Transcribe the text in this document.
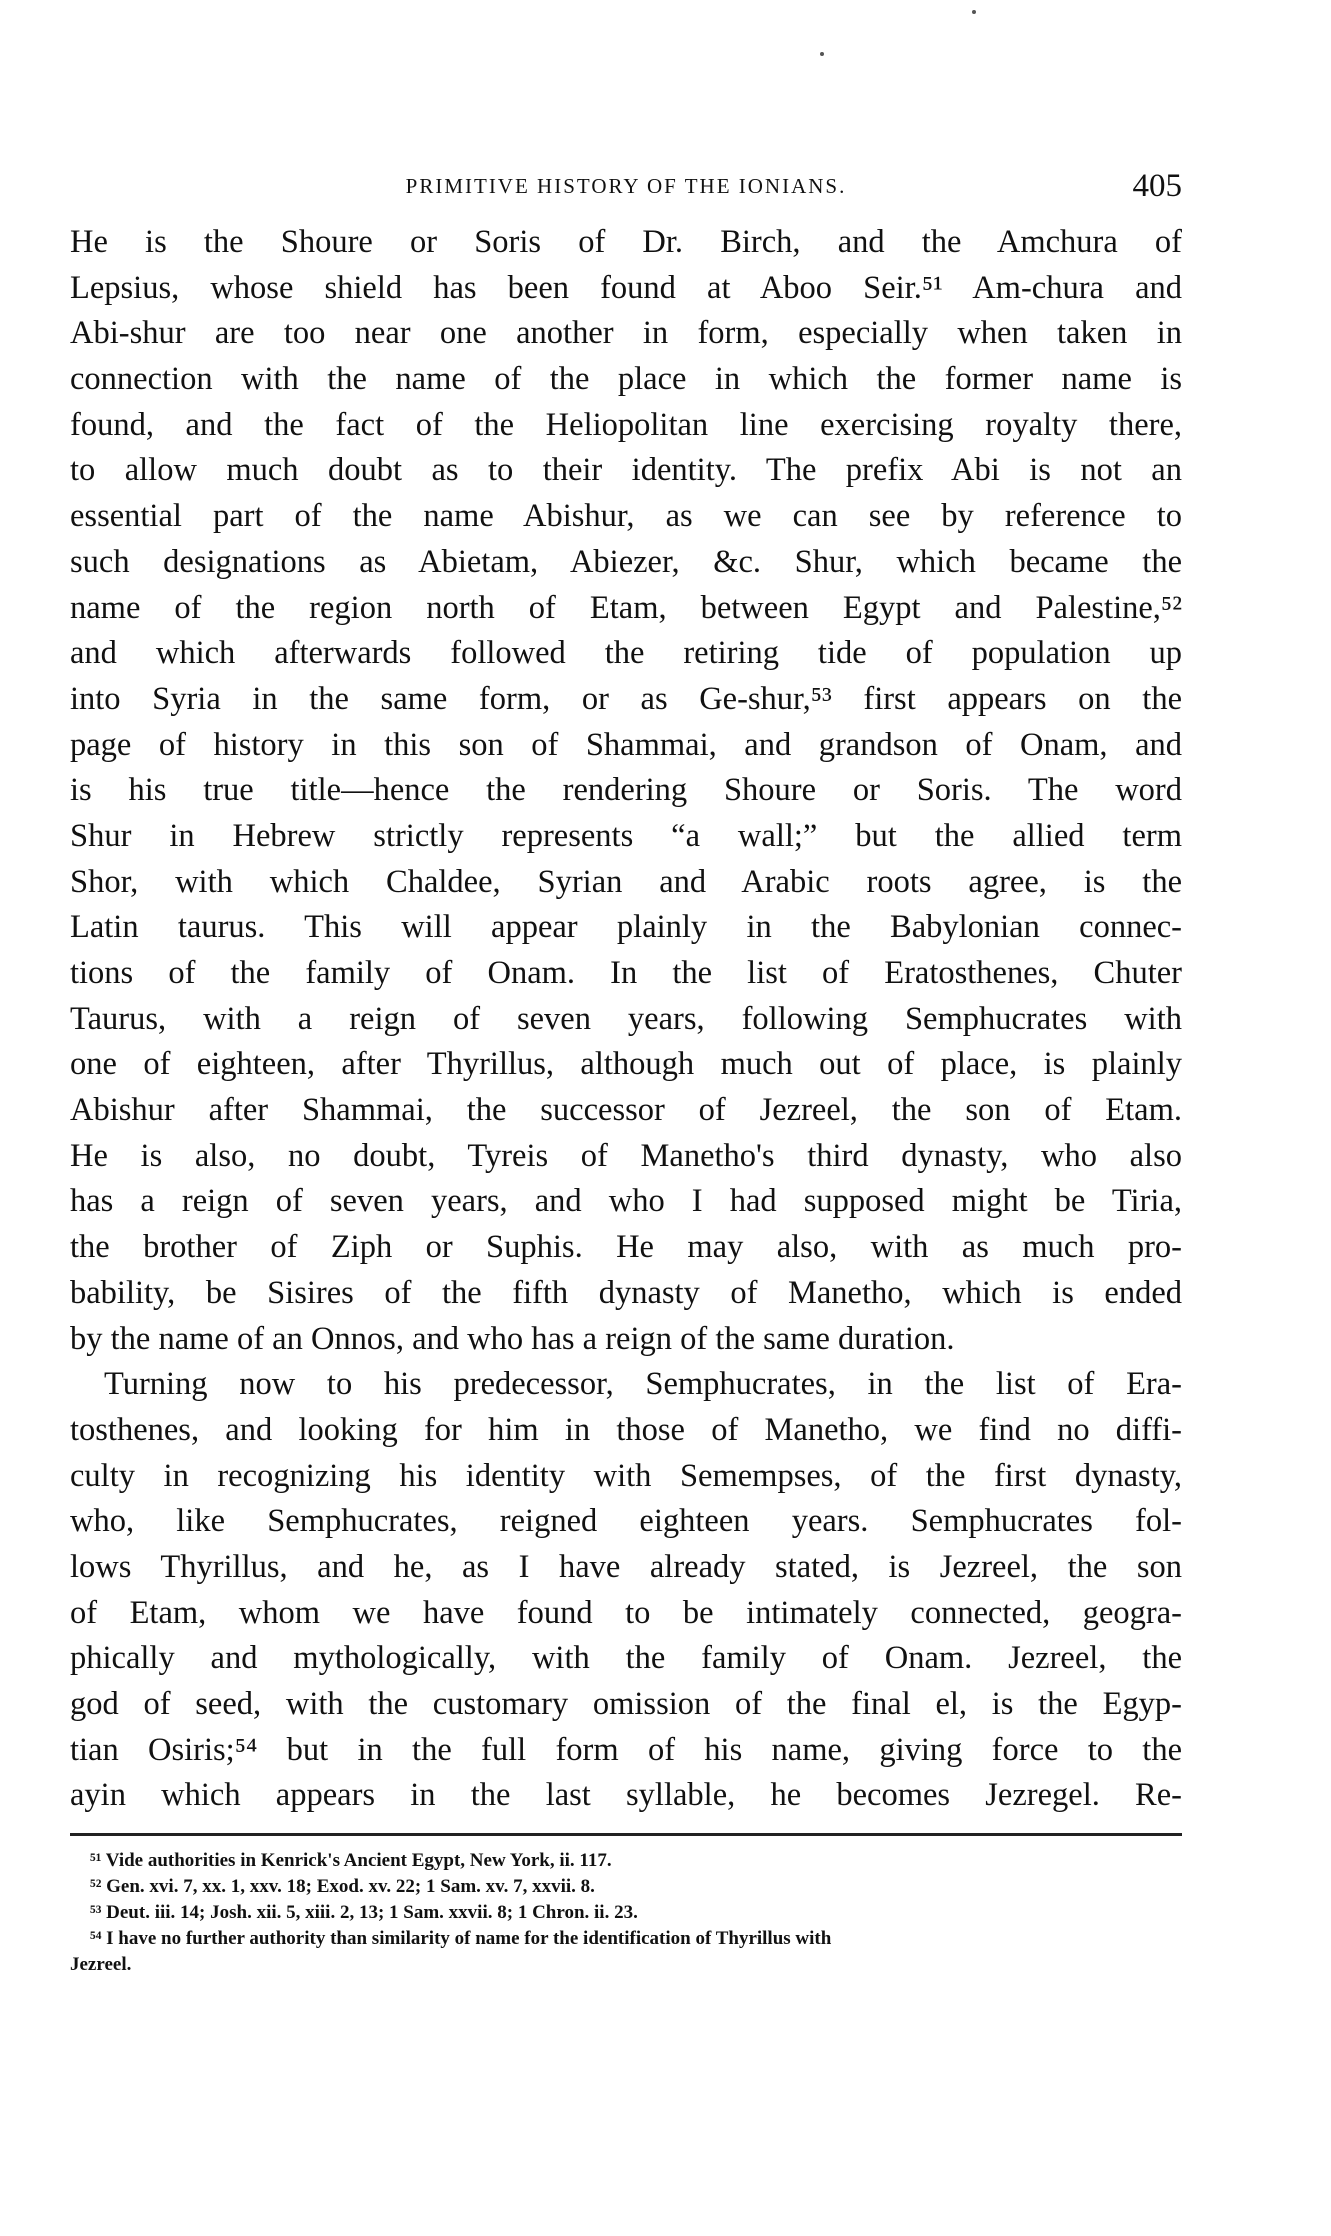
PRIMITIVE HISTORY OF THE IONIANS.	405
He is the Shoure or Soris of Dr. Birch, and the Amchura of
Lepsius, whose shield has been found at Aboo Seir.⁵¹ Am-chura and
Abi-shur are too near one another in form, especially when taken in
connection with the name of the place in which the former name is
found, and the fact of the Heliopolitan line exercising royalty there,
to allow much doubt as to their identity. The prefix Abi is not an
essential part of the name Abishur, as we can see by reference to
such designations as Abietam, Abiezer, &c. Shur, which became the
name of the region north of Etam, between Egypt and Palestine,⁵²
and which afterwards followed the retiring tide of population up
into Syria in the same form, or as Ge-shur,⁵³ first appears on the
page of history in this son of Shammai, and grandson of Onam, and
is his true title—hence the rendering Shoure or Soris. The word
Shur in Hebrew strictly represents “a wall;” but the allied term
Shor, with which Chaldee, Syrian and Arabic roots agree, is the
Latin taurus. This will appear plainly in the Babylonian connec-
tions of the family of Onam. In the list of Eratosthenes, Chuter
Taurus, with a reign of seven years, following Semphucrates with
one of eighteen, after Thyrillus, although much out of place, is plainly
Abishur after Shammai, the successor of Jezreel, the son of Etam.
He is also, no doubt, Tyreis of Manetho's third dynasty, who also
has a reign of seven years, and who I had supposed might be Tiria,
the brother of Ziph or Suphis. He may also, with as much pro-
bability, be Sisires of the fifth dynasty of Manetho, which is ended
by the name of an Onnos, and who has a reign of the same duration.
Turning now to his predecessor, Semphucrates, in the list of Era-
tosthenes, and looking for him in those of Manetho, we find no diffi-
culty in recognizing his identity with Semempses, of the first dynasty,
who, like Semphucrates, reigned eighteen years. Semphucrates fol-
lows Thyrillus, and he, as I have already stated, is Jezreel, the son
of Etam, whom we have found to be intimately connected, geogra-
phically and mythologically, with the family of Onam. Jezreel, the
god of seed, with the customary omission of the final el, is the Egyp-
tian Osiris;⁵⁴ but in the full form of his name, giving force to the
ayin which appears in the last syllable, he becomes Jezregel. Re-
⁵¹ Vide authorities in Kenrick's Ancient Egypt, New York, ii. 117.
⁵² Gen. xvi. 7, xx. 1, xxv. 18; Exod. xv. 22; 1 Sam. xv. 7, xxvii. 8.
⁵³ Deut. iii. 14; Josh. xii. 5, xiii. 2, 13; 1 Sam. xxvii. 8; 1 Chron. ii. 23.
⁵⁴ I have no further authority than similarity of name for the identification of Thyrillus with
Jezreel.
